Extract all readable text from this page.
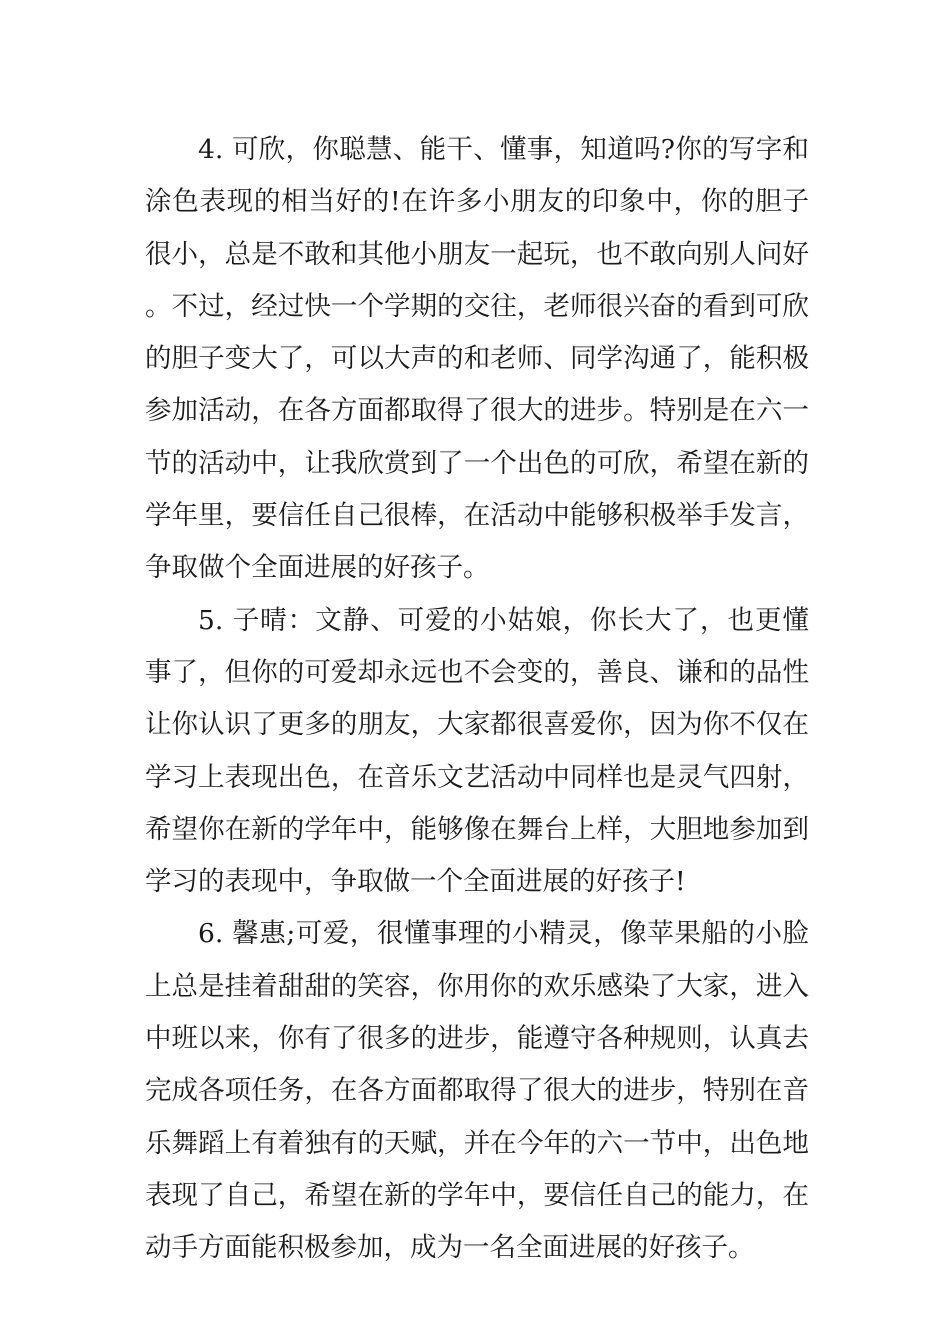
4. 可欣，你聪慧、能干、懂事，知道吗?你的写字和涂色表现的相当好的!在许多小朋友的印象中，你的胆子很小，总是不敢和其他小朋友一起玩，也不敢向别人问好。不过，经过快一个学期的交往，老师很兴奋的看到可欣的胆子变大了，可以大声的和老师、同学沟通了，能积极参加活动，在各方面都取得了很大的进步。特别是在六一节的活动中，让我欣赏到了一个出色的可欣，希望在新的学年里，要信任自己很棒，在活动中能够积极举手发言，争取做个全面进展的好孩子。

5. 子晴：文静、可爱的小姑娘，你长大了，也更懂事了，但你的可爱却永远也不会变的，善良、谦和的品性让你认识了更多的朋友，大家都很喜爱你，因为你不仅在学习上表现出色，在音乐文艺活动中同样也是灵气四射，希望你在新的学年中，能够像在舞台上样，大胆地参加到学习的表现中，争取做一个全面进展的好孩子!

6. 馨惠;可爱，很懂事理的小精灵，像苹果船的小脸上总是挂着甜甜的笑容，你用你的欢乐感染了大家，进入中班以来，你有了很多的进步，能遵守各种规则，认真去完成各项任务，在各方面都取得了很大的进步，特别在音乐舞蹈上有着独有的天赋，并在今年的六一节中，出色地表现了自己，希望在新的学年中，要信任自己的能力，在动手方面能积极参加，成为一名全面进展的好孩子。
